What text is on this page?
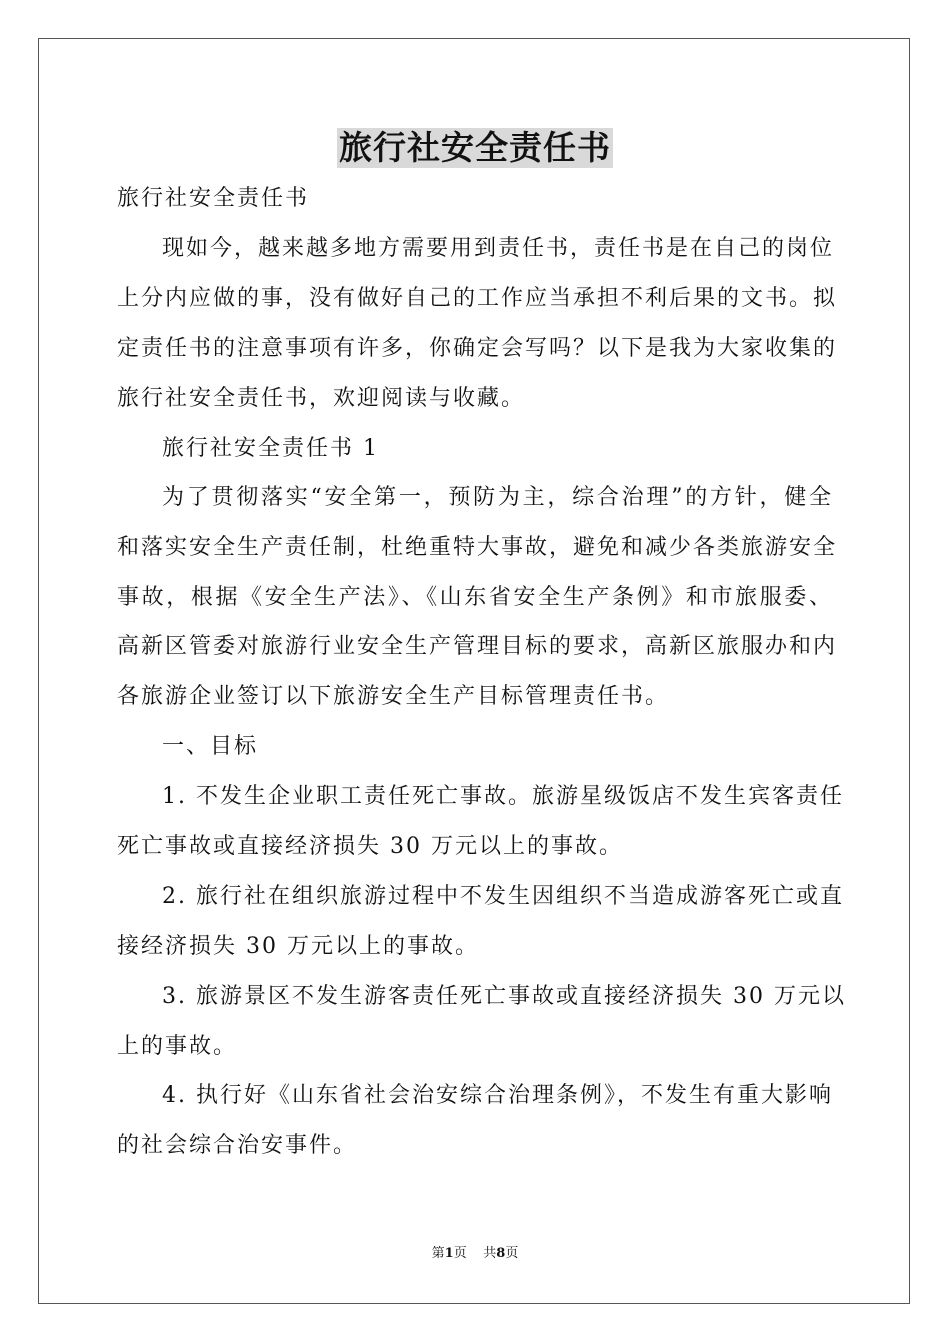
旅行社安全责任书
旅行社安全责任书
现如今，越来越多地方需要用到责任书，责任书是在自己的岗位
上分内应做的事，没有做好自己的工作应当承担不利后果的文书。拟
定责任书的注意事项有许多，你确定会写吗？以下是我为大家收集的
旅行社安全责任书，欢迎阅读与收藏。
旅行社安全责任书 1
为了贯彻落实“安全第一，预防为主，综合治理”的方针，健全
和落实安全生产责任制，杜绝重特大事故，避免和减少各类旅游安全
事故，根据《安全生产法》、《山东省安全生产条例》和市旅服委、
高新区管委对旅游行业安全生产管理目标的要求，高新区旅服办和内
各旅游企业签订以下旅游安全生产目标管理责任书。
一、目标
1. 不发生企业职工责任死亡事故。旅游星级饭店不发生宾客责任
死亡事故或直接经济损失 30 万元以上的事故。
2. 旅行社在组织旅游过程中不发生因组织不当造成游客死亡或直
接经济损失 30 万元以上的事故。
3. 旅游景区不发生游客责任死亡事故或直接经济损失 30 万元以
上的事故。
4. 执行好《山东省社会治安综合治理条例》，不发生有重大影响
的社会综合治安事件。
第1页 共8页
